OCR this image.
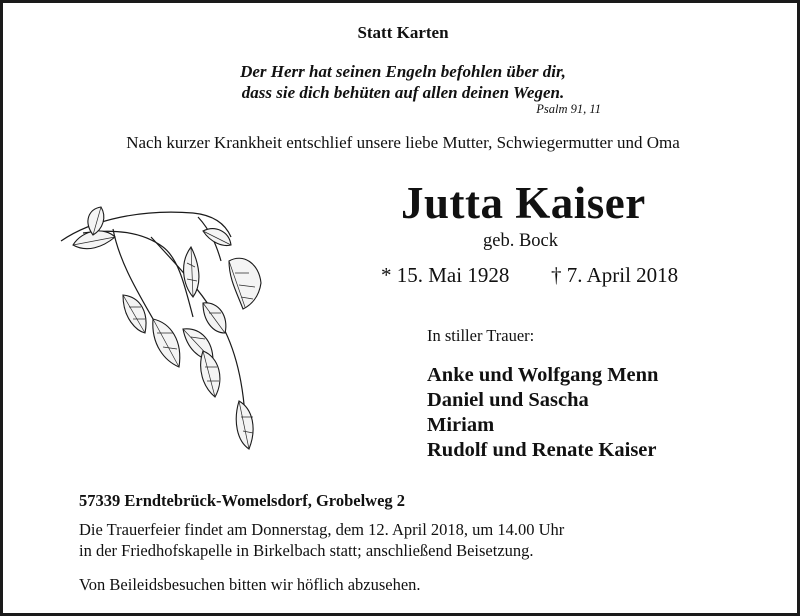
Statt Karten

Der Herr hat seinen Engeln befohlen über dir,

dass sie dich behüten auf allen deinen Wegen.

Psalm 91, 11

Nach kurzer Krankheit entschlief unsere liebe Mutter, Schwiegermutter und Oma

Jutta Kaiser

geb. Bock

* 15. Mai 1928 † 7. April 2018

In stiller Trauer:

Anke und Wolfgang Menn
Daniel und Sascha
Miriam
Rudolf und Renate Kaiser

57339 Erndtebrück-Womelsdorf, Grobelweg 2

Die Trauerfeier findet am Donnerstag, dem 12. April 2018, um 14.00 Uhr

in der Friedhofskapelle in Birkelbach statt; anschließend Beisetzung.

Von Beileidsbesuchen bitten wir höflich abzusehen.
